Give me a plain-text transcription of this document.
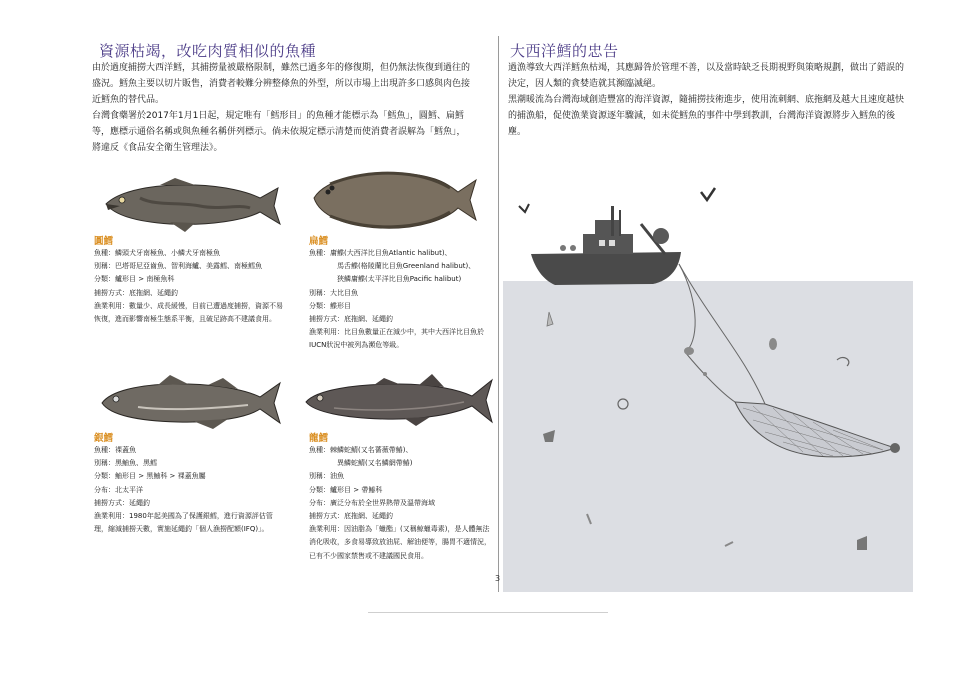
資源枯竭，改吃肉質相似的魚種

由於過度捕撈大西洋鱈，其捕撈量被嚴格限制，雖然已過多年的修復期，但仍無法恢復到過往的盛況。鱈魚主要以切片販售，消費者較難分辨整條魚的外型，所以市場上出現許多口感與肉色接近鱈魚的替代品。

台灣食藥署於2017年1月1日起，規定唯有「鱈形目」的魚種才能標示為「鱈魚」，圓鱈、扁鱈等，應標示通俗名稱或與魚種名稱併列標示。倘未依規定標示清楚而使消費者誤解為「鱈魚」，將違反《食品安全衛生管理法》。

圓鱈
魚種：鱗頭犬牙南極魚、小鱗犬牙南極魚
別稱：巴塔哥尼亞齒魚、智利海鱸、美露鱈、南極鱈魚
分類：鱸形目 > 南極魚科
捕撈方式：底拖網、延繩釣
漁業利用：數量少、成長緩慢，目前已遭過度捕撈，資源不易恢復，進而影響南極生態系平衡，且破足跡高不建議食用。
扁鱈
魚種：庸鰈(大西洋比目魚Atlantic halibut)、
馬舌鰈(格陵蘭比目魚Greenland halibut)、
狹鱗庸鰈(太平洋比目魚Pacific halibut)
別稱：大比目魚
分類：鰈形目
捕撈方式：底拖網、延繩釣
漁業利用：比目魚數量正在減少中，其中大西洋比目魚於IUCN狀況中被列為瀕危等級。
銀鱈
魚種：裸蓋魚
別稱：黑鮋魚、黑鱈
分類：鮋形目 > 黑鮋科 > 裸蓋魚屬
分布：北太平洋
捕撈方式：延繩釣
漁業利用：1980年起美國為了保護銀鱈，進行資源評估管理，縮減捕撈天數，實施延繩釣「個人漁撈配額(IFQ)」。
龍鱈
魚種：棘鱗蛇鯖(又名薔薇帶鰆)、
異鱗蛇鯖(又名鱗網帶鰆)
別稱：油魚
分類：鱸形目 > 帶鰆科
分布：廣泛分布於全世界熱帶及溫帶海域
捕撈方式：底拖網、延繩釣
漁業利用：因油脂為「蠟酯」(又稱鯨蠟毒素)，是人體無法消化吸收，多食易導致放油屁、解油便等，腸胃不適情況，已有不少國家禁售或不建議國民食用。
大西洋鱈的忠告

過漁導致大西洋鱈魚枯竭，其應歸咎於管理不善，以及當時缺乏長期視野與策略規劃，做出了錯誤的決定，因人類的貪婪造就其瀕臨滅絕。

黑潮暖流為台灣海域創造豐富的海洋資源，隨捕撈技術進步，使用流刺網、底拖網及越大且速度越快的捕漁船，促使漁業資源逐年驟減，如未從鱈魚的事件中學到教訓，台灣海洋資源將步入鱈魚的後塵。

3
